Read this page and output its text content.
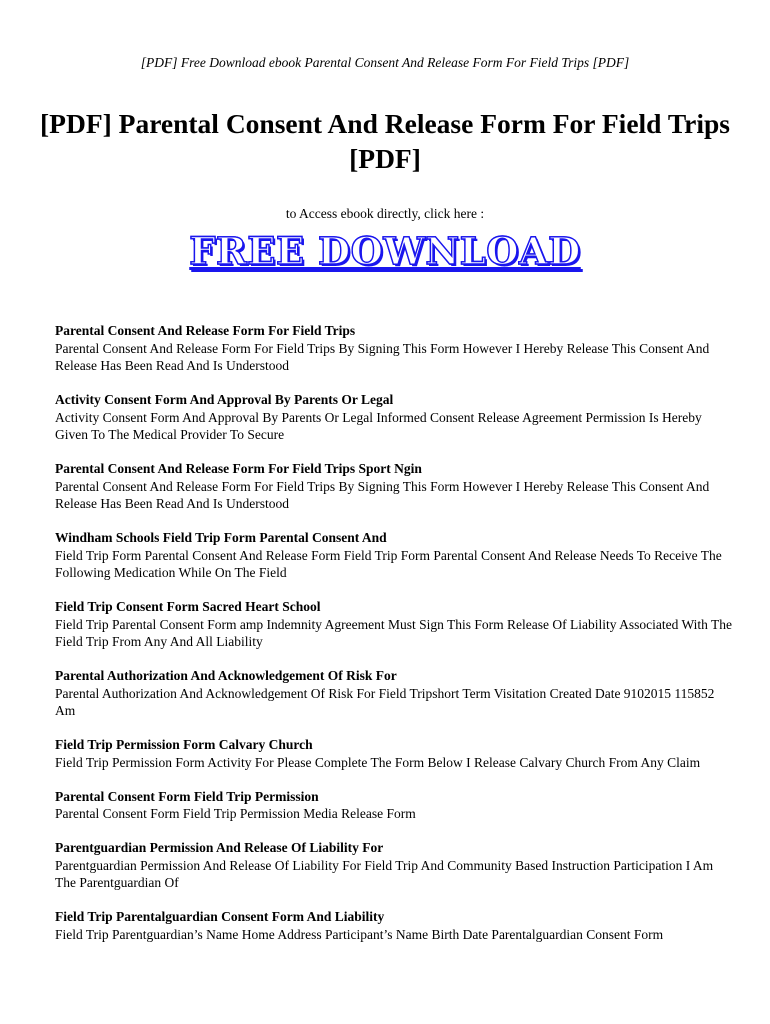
[PDF] Free Download ebook Parental Consent And Release Form For Field Trips [PDF]
[PDF] Parental Consent And Release Form For Field Trips [PDF]
to Access ebook directly, click here :
FREE DOWNLOAD

Parental Consent And Release Form For Field Trips

Parental Consent And Release Form For Field Trips By Signing This Form However I Hereby Release This Consent And Release Has Been Read And Is Understood

Activity Consent Form And Approval By Parents Or Legal

Activity Consent Form And Approval By Parents Or Legal Informed Consent Release Agreement Permission Is Hereby Given To The Medical Provider To Secure

Parental Consent And Release Form For Field Trips Sport Ngin

Parental Consent And Release Form For Field Trips By Signing This Form However I Hereby Release This Consent And Release Has Been Read And Is Understood

Windham Schools Field Trip Form Parental Consent And

Field Trip Form Parental Consent And Release Form Field Trip Form Parental Consent And Release Needs To Receive The Following Medication While On The Field

Field Trip Consent Form Sacred Heart School

Field Trip Parental Consent Form amp Indemnity Agreement Must Sign This Form Release Of Liability Associated With The Field Trip From Any And All Liability

Parental Authorization And Acknowledgement Of Risk For

Parental Authorization And Acknowledgement Of Risk For Field Tripshort Term Visitation Created Date 9102015 115852 Am

Field Trip Permission Form Calvary Church

Field Trip Permission Form Activity For Please Complete The Form Below I Release Calvary Church From Any Claim

Parental Consent Form Field Trip Permission

Parental Consent Form Field Trip Permission Media Release Form

Parentguardian Permission And Release Of Liability For

Parentguardian Permission And Release Of Liability For Field Trip And Community Based Instruction Participation I Am The Parentguardian Of

Field Trip Parentalguardian Consent Form And Liability

Field Trip Parentguardian’s Name Home Address Participant’s Name Birth Date Parentalguardian Consent Form
